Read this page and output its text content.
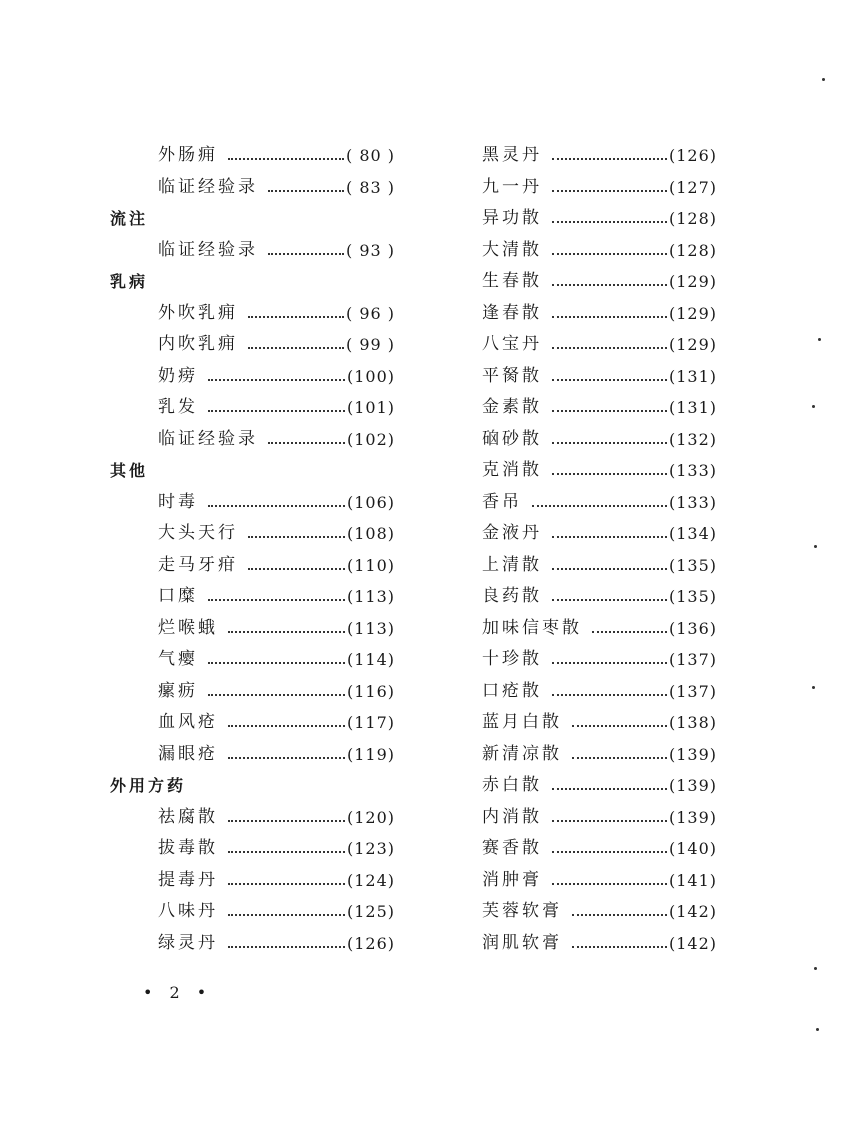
外肠痈	( 80 )
临证经验录	( 83 )
流注
临证经验录	( 93 )
乳病
外吹乳痈	( 96 )
内吹乳痈	( 99 )
奶痨	(100)
乳发	(101)
临证经验录	(102)
其他
时毒	(106)
大头天行	(108)
走马牙疳	(110)
口糜	(113)
烂喉蛾	(113)
气瘿	(114)
瘰疬	(116)
血风疮	(117)
漏眼疮	(119)
外用方药
祛腐散	(120)
拔毒散	(123)
提毒丹	(124)
八味丹	(125)
绿灵丹	(126)
黑灵丹	(126)
九一丹	(127)
异功散	(128)
大清散	(128)
生春散	(129)
逢春散	(129)
八宝丹	(129)
平胬散	(131)
金素散	(131)
硇砂散	(132)
克消散	(133)
香吊	(133)
金液丹	(134)
上清散	(135)
良药散	(135)
加味信枣散	(136)
十珍散	(137)
口疮散	(137)
蓝月白散	(138)
新清凉散	(139)
赤白散	(139)
内消散	(139)
赛香散	(140)
消肿膏	(141)
芙蓉软膏	(142)
润肌软膏	(142)
• 2 •
